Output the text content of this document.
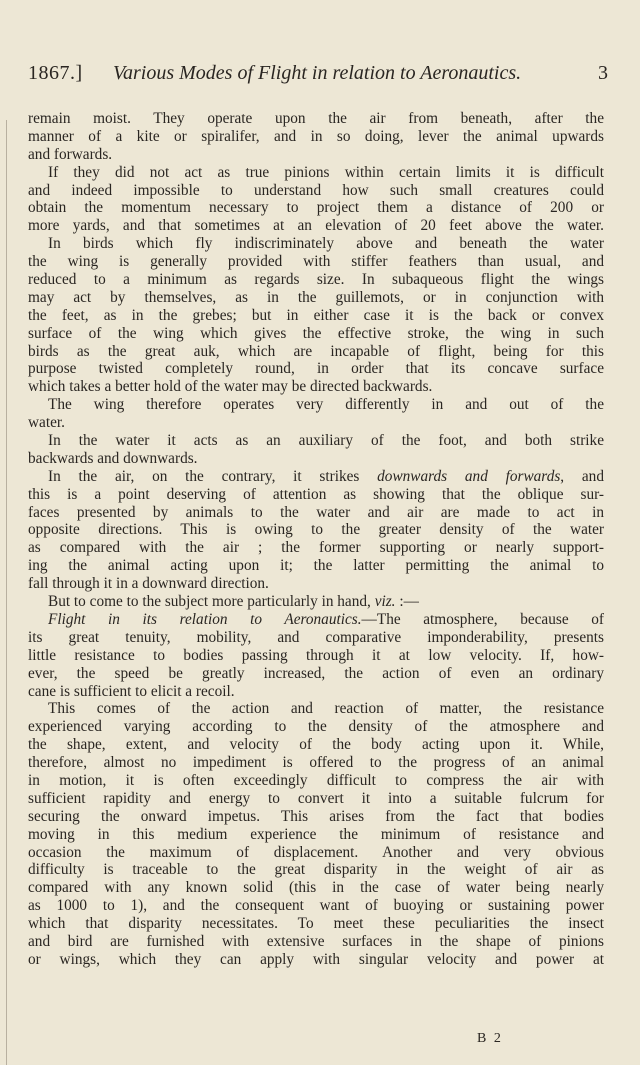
1867.] Various Modes of Flight in relation to Aeronautics.	3
remain moist. They operate upon the air from beneath, after the
manner of a kite or spiralifer, and in so doing, lever the animal upwards
and forwards.
If they did not act as true pinions within certain limits it is difficult
and indeed impossible to understand how such small creatures could
obtain the momentum necessary to project them a distance of 200 or
more yards, and that sometimes at an elevation of 20 feet above the water.
In birds which fly indiscriminately above and beneath the water
the wing is generally provided with stiffer feathers than usual, and
reduced to a minimum as regards size. In subaqueous flight the wings
may act by themselves, as in the guillemots, or in conjunction with
the feet, as in the grebes; but in either case it is the back or convex
surface of the wing which gives the effective stroke, the wing in such
birds as the great auk, which are incapable of flight, being for this
purpose twisted completely round, in order that its concave surface
which takes a better hold of the water may be directed backwards.
The wing therefore operates very differently in and out of the
water.
In the water it acts as an auxiliary of the foot, and both strike
backwards and downwards.
In the air, on the contrary, it strikes downwards and forwards, and
this is a point deserving of attention as showing that the oblique sur-
faces presented by animals to the water and air are made to act in
opposite directions. This is owing to the greater density of the water
as compared with the air ; the former supporting or nearly support-
ing the animal acting upon it; the latter permitting the animal to
fall through it in a downward direction.
But to come to the subject more particularly in hand, viz. :—
Flight in its relation to Aeronautics.—The atmosphere, because of
its great tenuity, mobility, and comparative imponderability, presents
little resistance to bodies passing through it at low velocity. If, how-
ever, the speed be greatly increased, the action of even an ordinary
cane is sufficient to elicit a recoil.
This comes of the action and reaction of matter, the resistance
experienced varying according to the density of the atmosphere and
the shape, extent, and velocity of the body acting upon it. While,
therefore, almost no impediment is offered to the progress of an animal
in motion, it is often exceedingly difficult to compress the air with
sufficient rapidity and energy to convert it into a suitable fulcrum for
securing the onward impetus. This arises from the fact that bodies
moving in this medium experience the minimum of resistance and
occasion the maximum of displacement. Another and very obvious
difficulty is traceable to the great disparity in the weight of air as
compared with any known solid (this in the case of water being nearly
as 1000 to 1), and the consequent want of buoying or sustaining power
which that disparity necessitates. To meet these peculiarities the insect
and bird are furnished with extensive surfaces in the shape of pinions
or wings, which they can apply with singular velocity and power at
B 2
